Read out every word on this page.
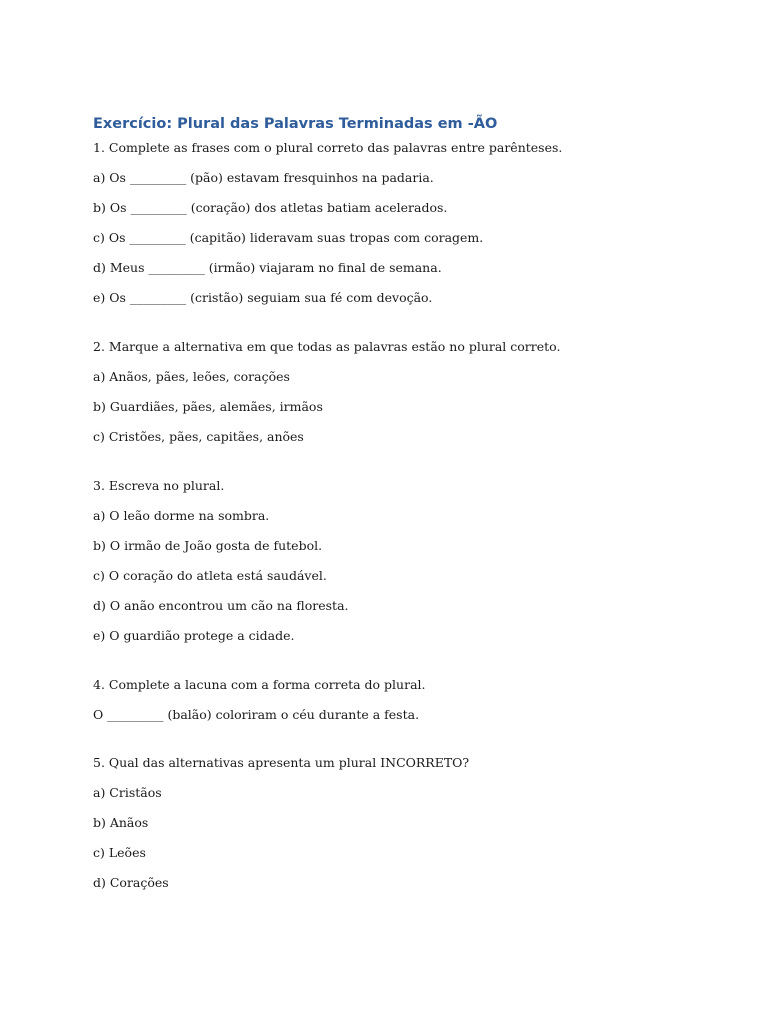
Exercício: Plural das Palavras Terminadas em -ÃO

1. Complete as frases com o plural correto das palavras entre parênteses.

a) Os _________ (pão) estavam fresquinhos na padaria.

b) Os _________ (coração) dos atletas batiam acelerados.

c) Os _________ (capitão) lideravam suas tropas com coragem.

d) Meus _________ (irmão) viajaram no final de semana.

e) Os _________ (cristão) seguiam sua fé com devoção.

2. Marque a alternativa em que todas as palavras estão no plural correto.

a) Anãos, pães, leões, corações

b) Guardiães, pães, alemães, irmãos

c) Cristões, pães, capitães, anões

3. Escreva no plural.

a) O leão dorme na sombra.

b) O irmão de João gosta de futebol.

c) O coração do atleta está saudável.

d) O anão encontrou um cão na floresta.

e) O guardião protege a cidade.

4. Complete a lacuna com a forma correta do plural.

O _________ (balão) coloriram o céu durante a festa.

5. Qual das alternativas apresenta um plural INCORRETO?

a) Cristãos

b) Anãos

c) Leões

d) Corações
